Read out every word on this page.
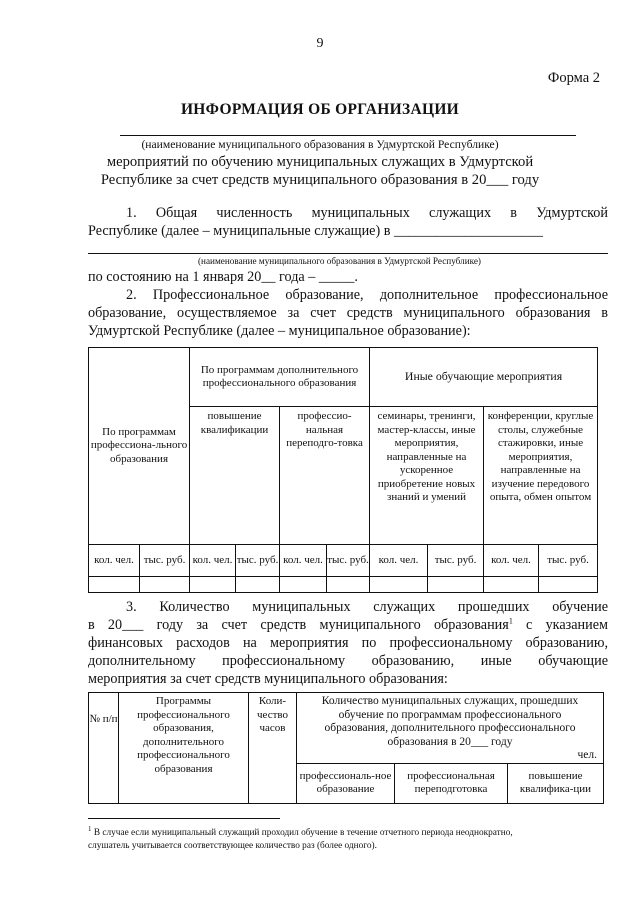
9
Форма 2
ИНФОРМАЦИЯ ОБ ОРГАНИЗАЦИИ
(наименование муниципального образования в Удмуртской Республике)
мероприятий по обучению муниципальных служащих в Удмуртской
Республике за счет средств муниципального образования в 20___ году
1. Общая численность муниципальных служащих в Удмуртской
Республике (далее – муниципальные служащие) в _____________________
(наименование муниципального образования в Удмуртской Республике)
по состоянию на 1 января 20__ года – _____.
2. Профессиональное образование, дополнительное профессиональное
образование, осуществляемое за счет средств муниципального образования в
Удмуртской Республике (далее – муниципальное образование):
По программам профессиона-льного образования		По программам дополнительного профессионального образования				Иные обучающие мероприятия			
		повышение квалификации		профессио-нальная переподго-товка		семинары, тренинги, мастер-классы, иные мероприятия, направленные на ускоренное приобретение новых знаний и умений		конференции, круглые столы, служебные стажировки, иные мероприятия, направленные на изучение передового опыта, обмен опытом	
кол. чел.	тыс. руб.	кол. чел.	тыс. руб.	кол. чел.	тыс. руб.	кол. чел.	тыс. руб.	кол. чел.	тыс. руб.

3. Количество муниципальных служащих прошедших обучение
в 20___ году за счет средств муниципального образования$^1$ с указанием
финансовых расходов на мероприятия по профессиональному образованию,
дополнительному профессиональному образованию, иные обучающие
мероприятия за счет средств муниципального образования:
№ п/п	Программы профессионального образования, дополнительного профессионального образования	Коли-чество часов	Количество муниципальных служащих, прошедших
обучение по программам профессионального
образования, дополнительного профессионального
образования в 20___ году
чел.		

			профессиональ-ное образование	профессиональная переподготовка	повышение квалифика-ции
$^1$ В случае если муниципальный служащий проходил обучение в течение отчетного периода неоднократно,
слушатель учитывается соответствующее количество раз (более одного).
